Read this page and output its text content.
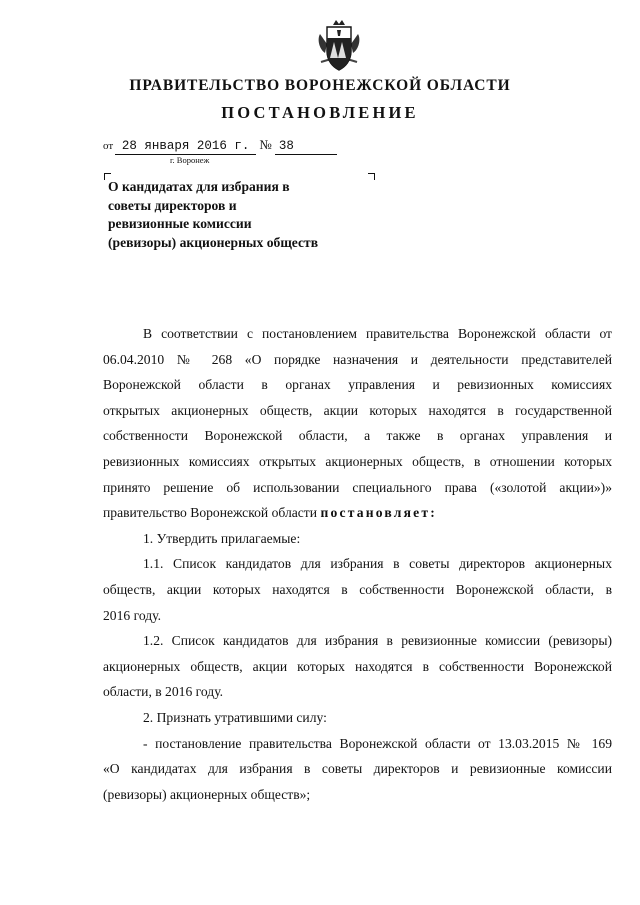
ПРАВИТЕЛЬСТВО ВОРОНЕЖСКОЙ ОБЛАСТИ
ПОСТАНОВЛЕНИЕ
от 28 января 2016 г. № 38
г. Воронеж
О кандидатах для избрания в
советы директоров и
ревизионные комиссии
(ревизоры) акционерных обществ
В соответствии с постановлением правительства Воронежской области от
06.04.2010 № 268 «О порядке назначения и деятельности представителей
Воронежской области в органах управления и ревизионных комиссиях
открытых акционерных обществ, акции которых находятся в государственной
собственности Воронежской области, а также в органах управления и
ревизионных комиссиях открытых акционерных обществ, в отношении которых
принято решение об использовании специального права («золотой акции»)»
правительство Воронежской области постановляет:
1. Утвердить прилагаемые:
1.1. Список кандидатов для избрания в советы директоров акционерных
обществ, акции которых находятся в собственности Воронежской области, в
2016 году.
1.2. Список кандидатов для избрания в ревизионные комиссии (ревизоры)
акционерных обществ, акции которых находятся в собственности Воронежской
области, в 2016 году.
2. Признать утратившими силу:
- постановление правительства Воронежской области от 13.03.2015 № 169
«О кандидатах для избрания в советы директоров и ревизионные комиссии
(ревизоры) акционерных обществ»;
